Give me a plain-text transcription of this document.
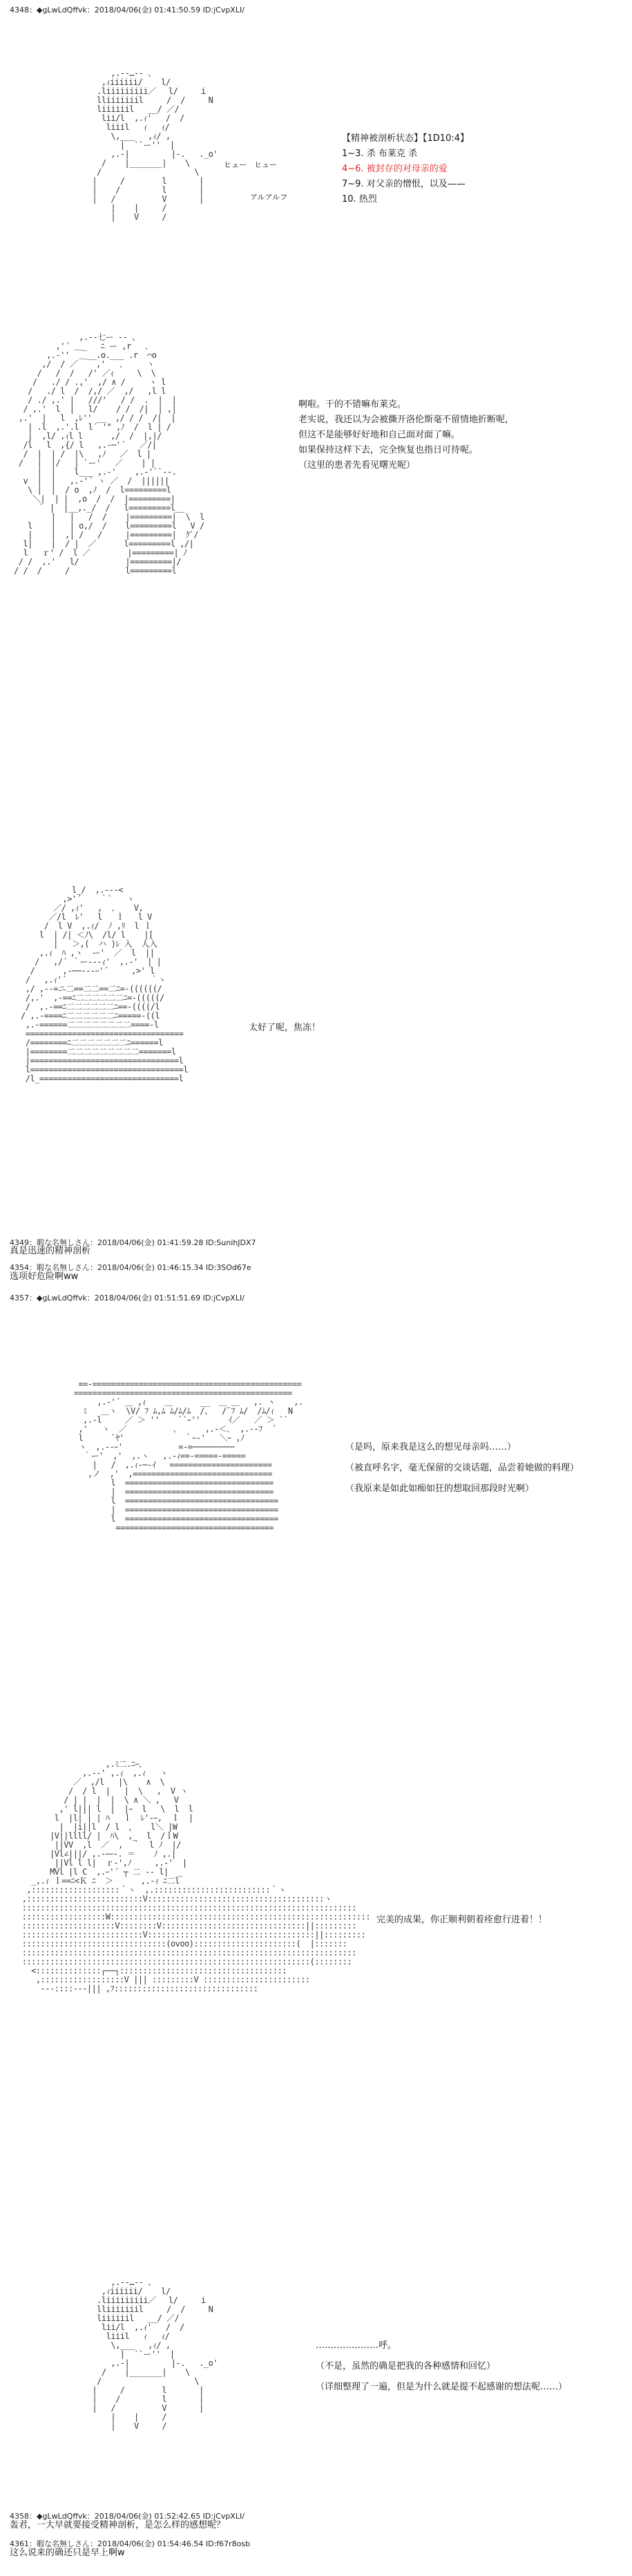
4348：◆gLwLdQffvk：2018/04/06(金) 01:41:50.59 ID:jCvpXLI/
,.-‐…‐- 、
,ｨiiiiii/    l/
.liiiiiiiii／ 　l/     i
lliiiiiiil     /  /     N
liiiiiil   __/ ／/
lii/l  ,.ｨ'   /  /
liiil   ｨ   ｨ/
\,___   ,ｨ/ ,
|  ``ー''  |
,.-|         |-.   ._o'
/    |_______|    \
/                    \
|     /        l       |
|    /         l       |
|   /          V       |
|    |     /
|    V     /
ヒュー　ヒュー
アルアルフ
【精神被剖析状态】【1D10:4】
1~3. 杀 布莱克 杀
4~6. 被封存的对母亲的爱
7~9. 对父亲的憎恨，以及——
10. 热烈
,.-‐七ー ‐- 、
,'´ ＿_   ﾆ ー ,r   ､
,.-''  ＿__.o.___ .r  ⌒o
,/  / ／    ,'   ､     ヽ
/   /  /   /' ／ｨ     \  \
/   ./ / .,'  ,/ ∧ /     ヽ l
/   ./ l  /  /,/ ／  ,/   ,l l
/ ./ ,.' |   ///'   / /  .  |  |
/ ,.'  l  |   l/    / /  /|  | ,|
,.'  |   l  ,ﾚ'' __  ,/ / /  /|  |
| .l  ,.'.l  l´ '" ,ﾉ  /  l | /
|  ,l/ ,ｨl l      ,/  /  |,|/
/l   l  ,{/ l   ,.-─'´   ／/|
/  |  | /  |\   ,ﾉ   ／  l |
/   |  |/   | `ー'   ／    | |
|  |    l___ ,.-'    ,.-'``--.
v  |  |   ,.-'´ ヽ ／  /  ||||||
\ |  |  / o  ,ﾉ  /  l=========l
＼|  | |  ,o  /  /  |=========|
｀ |  |__,._/  /   l=========l__
|   |   /  /    |=========|  \  l
l    |   | o,/  /    l=========l   V /
|    |  ,| /   /     |=========|  ｸﾞ/
l|    |  / |  ／      l=========l ,/|
l   ｒ' /  l ／        |=========| ﾉ
/ /  ,.'   l/          |=========|/
/ /  /     /            l=========l
啊啦。干的不错嘛布莱克。
老实说，我还以为会被撕开洛伦斯毫不留情地折断呢，
但这不是能够好好地和自己面对面了嘛。
如果保持这样下去，完全恢复也指日可待呢。
（这里的患者先看见曙光呢）
l_/  ,.-‐-<
,>'´    ｀`   ヽ
／/ ,ｨ'   ,  ､    V,
／/l  ﾚ'   l   ｌ   l V
/  l V  ,.ｨ/  ﾉ ,ﾘ  l ｌ
l  | /| ＜ﾉ\  /l/ l    |[
|   ＞,(  ハ )ﾚ 入  人入
,.ｨ  ﾊ ,ヽ  ー'  ／  l  ||
/   ,/´ ｀ー---ｨ'  ,.-'  | |
/      ,-──---ｰ'´     ,>' l
/   ,.ｨ'´                  ｀ヽ
,/ ,--=ニ二==二二==二ﾆ=-((((((/
/,.'  ,-==ﾆ二二二二二二ﾆ=-(((((/
/  ,.-==ﾆ二二二二二二ﾆ==-((((/l
/ ,.-====ﾆ二二二二二二ﾆ=====-((l
,.-======二二二二二二二二====-l
==================================
/========ﾆ二二二二二二二ﾆ======l
|========二二二二二二二二二=======l
|================================l
l=================================l
/l_==============================l
太好了呢，焦冻！
4349：暇な名無しさん：2018/04/06(金) 01:41:59.28 ID:SunihJDX7
真是迅速的精神剖析
4354：暇な名無しさん：2018/04/06(金) 01:46:15.34 ID:3SOd67e
选项好危险啊ww
4357：◆gLwLdQffvk：2018/04/06(金) 01:51:51.69 ID:jCvpXLI/
==-=============================================
===============================================
,.-'´ ＿ ,ｨ    ＿      __  ＿ ＿   ,. ヽ    ,.
ﾐ   ＿ヽ  \V/ ﾌ ﾑ,ﾑ ﾑ/ﾑ/ﾑ  /、  /¨ﾌ ﾑ/  /ﾑ/ｨ   N
,.-l     ／ ＞ ''    ``ｰ''      ｲ／   ／ ＞ ``
,'   ヽ  ／          ､      ,.-＜､  ,.-‐ﾌ  ´
l      `ﾔ'             ｀ｰ-'   ＼ｰ ,ﾉ
ヽ  ,.-‐ｰ'            =-=─────────
｀ー'  ,'  ,.ヽ   ,.-ｨ==-=====-=====
|   /  ,.ｨ-─-ｲ   ======================
,ノ  ,'  ,==============================
l  ================================
|  ================================
l  =================================
|  =================================
l  =================================
==================================
（是吗，原来我是这么的想见母亲吗……）
（被直呼名字，毫无保留的交谈话题，品尝着她做的料理）
（我原来是如此如痴如狂的想取回那段时光啊）
,.ﾐ二.ﾆｰ､
,.-‐' ,.ｨ  ,.ｨ   ヽ
／  ,/l   |\    ∧  \
/  / l  |   |  \   ,  V ヽ
/ | |  |  |  \ ∧ ＼ ,   V
,' l||| l  |  |ｰ  l   \  l  l
l  |l| | | ﾊ   ｌ  ﾚ'‐ｰ,  ｌ  |
|  |i||l  / l  ，   l＼ |W
|V||llll/ |  ﾊ\  ,_  l  /ｌW
||VV  ,l  ／  ,  ｀  l ﾉ  |/
|Vl∠|||/ ,.-ｰｰ-. ＝    ﾉ ,.|
||Vl l l|  ｒ-',ﾉ     ,.-'  |
MVl |l C  ,.ｰ'´ ┬ 二 -‐ l|  _
_,.ｨ ｌ==ﾆ<Ｋ ﾆ  ＞      ,.-ｨ ﾆ二l
,:::::::::::::::::::｀ヽ  ,.:::::::::::::::::::::::::｀ヽ
,:::::::::::::::::::::::::V::::::::::::::::::::::::::::::::::::::ヽ
::::::::::::::::::::::::::::::::::::::::::::::::::::::::::::::::::::::::
::::::::::::::::::W::::::::::::::::::::::::::::::::::::::::::::::::::::::::
::::::::::::::::::::V::::::::V:::::::::::::::::::::::::::::::||:::::::::
::::::::::::::::::::::::::V::::::::::::::::::::::::::::::::::::||:::::::::
:::::::::::::::::::::::::::::::(ovoo)::::::::::::::::::::::(  |:::::::
::::::::::::::::::::::::::::::::::::::::::::::::::::::::::::::::::::::::
::::::::::::::::::::::::::::::::::::::::::::::::::::::::::::::(::::::::
<::::::::::::::┌──┐::::::::::::::::::::::::::::::::::::
,::::::::::::::::::V ||| :::::::::V :::::::::::::::::::::::
---::::---||| ,ﾌ:::::::::::::::::::::::::::::::
完美的成果，你正顺利朝着痊愈行进着！！
,.-‐…‐- 、
,ｨiiiiii/    l/
.liiiiiiiii／ 　l/     i
lliiiiiiil     /  /     N
liiiiiil   __/ ／/
lii/l  ,.ｨ'   /  /
liiil   ｨ   ｨ/
\,___   ,ｨ/ ,
|  ``ー''  |
,.-|         |-.   ._o'
/    |_______|    \
/                    \
|     /        l       |
|    /         l       |
|   /          V       |
|    |     /
|    V     /
…………………呼。
（不是，虽然的确是把我的各种感情和回忆）
（详细整理了一遍，但是为什么就是提不起感谢的想法呢……）
4358：◆gLwLdQffvk：2018/04/06(金) 01:52:42.65 ID:jCvpXLI/
轰君，一大早就要接受精神剖析，是怎么样的感想呢？
4361：暇な名無しさん：2018/04/06(金) 01:54:46.54 ID:f67r8osb
这么说来的确还只是早上啊w
